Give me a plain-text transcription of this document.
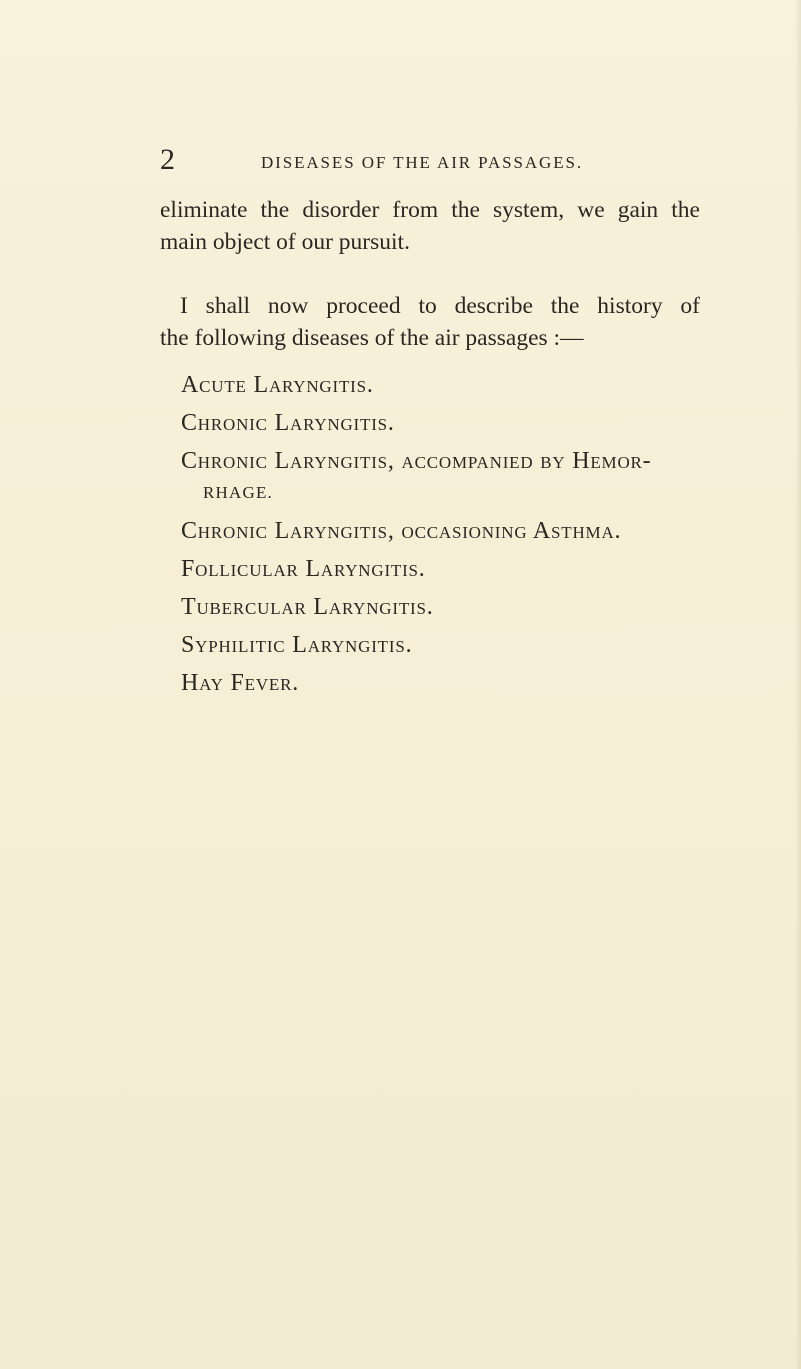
2	DISEASES OF THE AIR PASSAGES.
eliminate the disorder from the system, we gain the
main object of our pursuit.
I shall now proceed to describe the history of
the following diseases of the air passages :—
Acute Laryngitis.
Chronic Laryngitis.
Chronic Laryngitis, accompanied by Hemor-
RHAGE.
Chronic Laryngitis, occasioning Asthma.
Follicular Laryngitis.
Tubercular Laryngitis.
Syphilitic Laryngitis.
Hay Fever.
